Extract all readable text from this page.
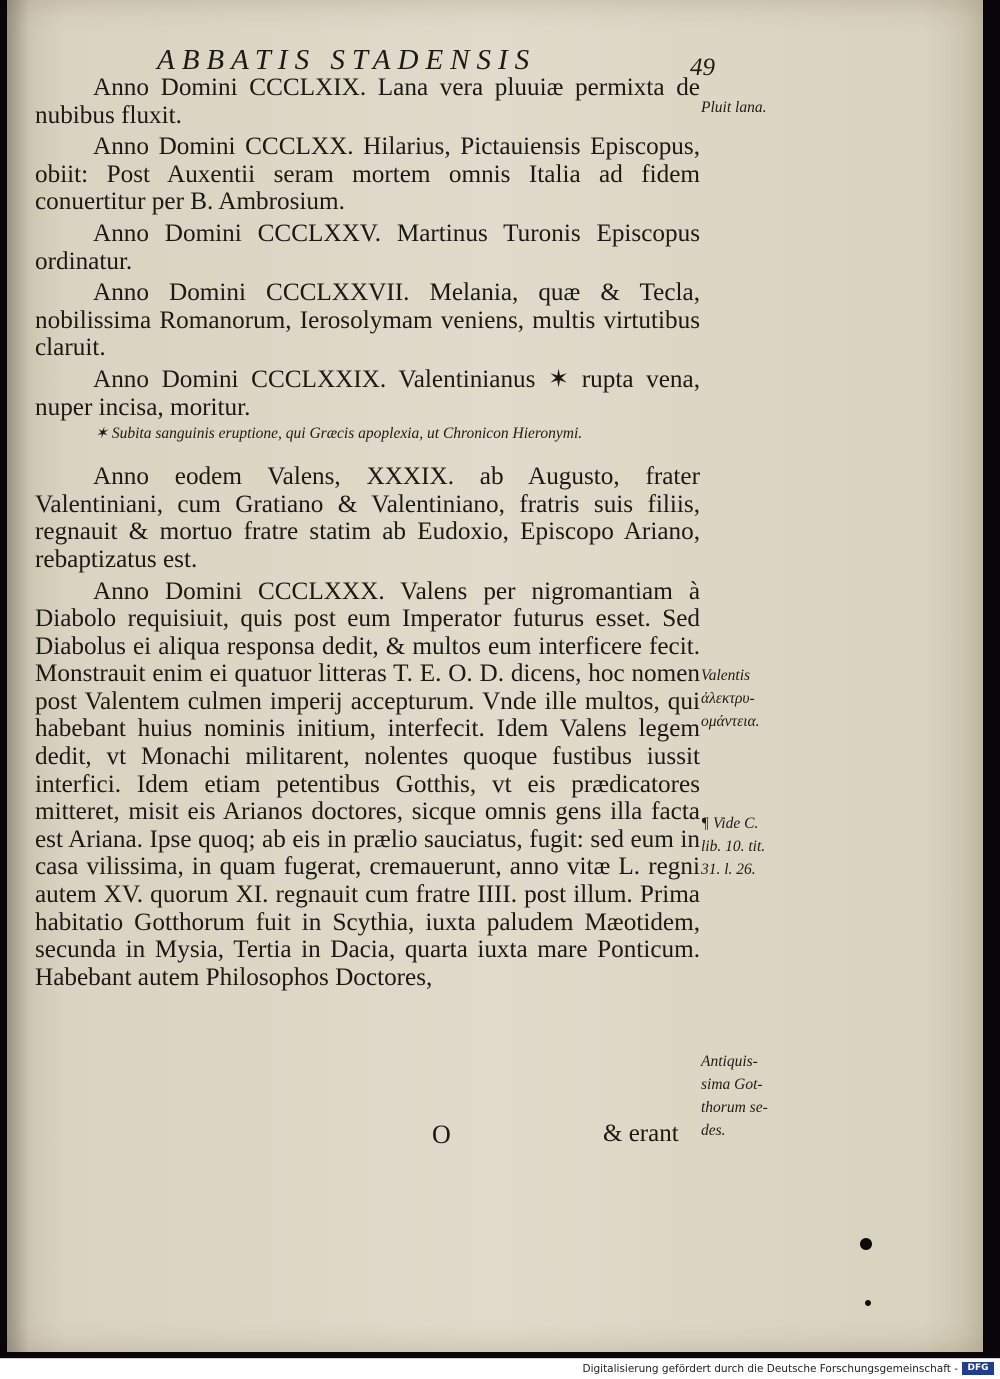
ABBATIS STADENSIS	49

Anno Domini CCCLXIX. Lana vera pluuiæ permixta de nubibus fluxit.

Anno Domini CCCLXX. Hilarius, Pictauiensis Episcopus, obiit: Post Auxentii seram mortem omnis Italia ad fidem conuertitur per B. Ambrosium.

Anno Domini CCCLXXV. Martinus Turonis Episcopus ordinatur.

Anno Domini CCCLXXVII. Melania, quæ & Tecla, nobilissima Romanorum, Ierosolymam veniens, multis virtutibus claruit.

Anno Domini CCCLXXIX. Valentinianus ✶ rupta vena, nuper incisa, moritur.

✶ Subita sanguinis eruptione, qui Græcis apoplexia, ut Chronicon Hieronymi.

Anno eodem Valens, XXXIX. ab Augusto, frater Valentiniani, cum Gratiano & Valentiniano, fratris suis filiis, regnauit & mortuo fratre statim ab Eudoxio, Episcopo Ariano, rebaptizatus est.

Anno Domini CCCLXXX. Valens per nigromantiam à Diabolo requisiuit, quis post eum Imperator futurus esset. Sed Diabolus ei aliqua responsa dedit, & multos eum interficere fecit. Monstrauit enim ei quatuor litteras T. E. O. D. dicens, hoc nomen post Valentem culmen imperij accepturum. Vnde ille multos, qui habebant huius nominis initium, interfecit. Idem Valens legem dedit, vt Monachi militarent, nolentes quoque fustibus iussit interfici. Idem etiam petentibus Gotthis, vt eis prædicatores mitteret, misit eis Arianos doctores, sicque omnis gens illa facta est Ariana. Ipse quoq; ab eis in prælio sauciatus, fugit: sed eum in casa vilissima, in quam fugerat, cremauerunt, anno vitæ L. regni autem XV. quorum XI. regnauit cum fratre IIII. post illum. Prima habitatio Gotthorum fuit in Scythia, iuxta paludem Mæotidem, secunda in Mysia, Tertia in Dacia, quarta iuxta mare Ponticum. Habebant autem Philosophos Doctores,

Pluit lana.
Valentis
ἀλεκτρυ-
ομάντεια.
¶ Vide C.
lib. 10. tit.
31. l. 26.
Antiquis-
sima Got-
thorum se-
des.
O	& erant
Digitalisierung gefördert durch die Deutsche Forschungsgemeinschaft -	DFG
